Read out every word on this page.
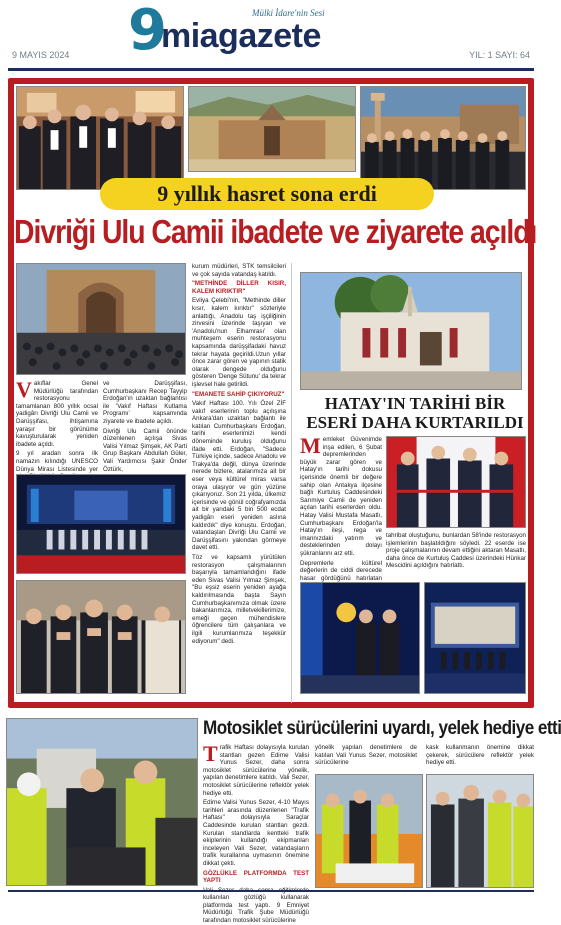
Mülki İdare'nin Sesi
9
miagazete
9 MAYIS 2024	YIL: 1 SAYI: 64
9 yıllık hasret sona erdi
Divriği Ulu Camii ibadete ve ziyarete açıldı
V akıflar Genel Müdürlüğü tarafından restorasyonu tamamlanan 800 yıllık ocsal yadigârı Divriği Ulu Camii ve Darüşşifası, ihtişamına yaraşır bir görünüme kavuşturularak yeniden ibadete açıldı.

9 yıl aradan sonra ilk namazın kılındığı UNESCO Dünya Mirası Listesinde yer

ve Darüşşifası, Cumhurbaşkanı Recep Tayyip Erdoğan'ın uzaktan bağlantısı ile 'Vakıf Haftası Kutlama Programı' kapsamında ziyarete ve ibadete açıldı.

Divriği Ulu Camii önünde düzenlenen açılışa Sivas Valisi Yılmaz Şimşek, AK Parti Grup Başkanı Abdullah Güler, Vali Yardımcısı Şakir Önder Öztürk,

kurum müdürleri, STK temsilcileri ve çok sayıda vatandaş katıldı.

"METHİNDE DİLLER KISIR, KALEM KIRIKTIR"

Evliya Çelebi'nin, "Methinde diller kısır, kalem kırıktır" sözleriyle anlattığı, Anadolu taş işçiliğinin zirvesini üzerinde taşıyan ve 'Anadolu'nun Elhamrası' olan muhteşem eserin restorasyonu kapsamında darüşşifadaki havuz tekrar hayata geçirildi.Uzun yıllar önce zarar gören ve yapının statik olarak dengede olduğunu gösteren 'Denge Sütunu' da tekrar işlevsel hale getirildi.

"EMANETE SAHİP ÇIKIYORUZ"

Vakıf Haftası 100. Yılı Özel ZİF vakıf eserlerinin toplu açılışına Ankara'dan uzaktan bağlantı ile katılan Cumhurbaşkanı Erdoğan, tarihi eserlerimizi kendi döneminde kuruluş olduğunu ifade etti. Erdoğan, "Sadece Türkiye içinde, sadece Anadolu ve Trakya'da değil, dünya üzerinde nerede bizlere, atalarımıza ait bir eser veya kültürel miras varsa oraya ulaşıyor ve gün yüzüne çıkarıyoruz. Son 21 yılda, ülkemiz içerisinde ve gönül coğrafyamızda ait bir yarıdaki 5 bin 500 ecdat yadigârı eseri yeniden aslına kaldırdık" diye konuştu. Erdoğan, vatandaşları Divriği Ulu Camii ve Darüşşifasını yakından görmeye davet etti.

Töz ve kapsamlı yürütülen restorasyon çalışmalarının başarıyla tamamlandığını ifade eden Sivas Valisi Yılmaz Şimşek, "Bu eşsiz eserin yeniden ayağa kaldırılmasında başta Sayın Cumhurbaşkanımıza olmak üzere bakanlarımıza, milletvekillerimize, emeği geçen mühendislere öğrencilere tüm çalışanlara ve ilgili kurumlarımıza teşekkür ediyorum" dedi.

HATAY'IN TARİHİ BİR ESERİ DAHA KURTARILDI
M emleket Güvenimde inşa edilen, 6 Şubat depremlerinden büyük zarar gören ve Hatay'ın tarihi dokusu içerisinde önemli bir değere sahip olan Antakya ilçesine bağlı Kurtuluş Caddesindeki Sarımiye Camii de yeniden açılan tarihi eserlerden oldu. Hatay Valisi Mustafa Masatlı, Cumhurbaşkanı Erdoğan'la Hatay'ın ileşi, rega ve imannızdaki yatırım ve desteklerinden dolayı şükranlarını arz etti.

Depremlerle kültürel değerlerin de ciddi derecede hasar gördüğünü hatırlatan

tahribat oluştuğunu, bunlardan 58'inde restorasyon işlemlerinin başlatıldığını söyledi. 22 eserde ise proje çalışmalarının devam ettiğini aktaran Masatlı, daha önce de Kurtuluş Caddesi üzerindeki Hünkar Mescidini açıldığını hatırlattı.

Motosiklet sürücülerini uyardı, yelek hediye etti
T rafik Haftası dolayısıyla kurulan stantları gezen Edirne Valisi Yunus Sezer, daha sonra motosiklet sürücülerine yönelik, yapılan denetimlere katıldı. Vali Sezer, motosiklet sürücülerine reflektör yelek hediye etti.

Edirne Valisi Yunus Sezer, 4-10 Mayıs tarihleri arasında düzenlenen "Trafik Haftası" dolayısıyla Saraçlar Caddesinde kurulan stantları gezdi. Kurulan standlarda kentteki trafik ekiplerinin kullandığı ekipmanları inceleyen Vali Sezer, vatandaşların trafik kurallarına uymasının önemine dikkat çekti.

GÖZLÜKLE PLATFORMDA TEST YAPTI

kullanılan gözlüğü kullanarak platformda test yaptı. 9 Emniyet Müdürlüğü Trafik Şube Müdürlüğü tarafından motosiklet sürücülerine

yönelik yapılan denetimlere de katılan Vali Yunus Sezer, motosiklet sürücülerine

kask kullanmanın önemine dikkat çekerek, sürücülere reflektör yelek hediye etti.
